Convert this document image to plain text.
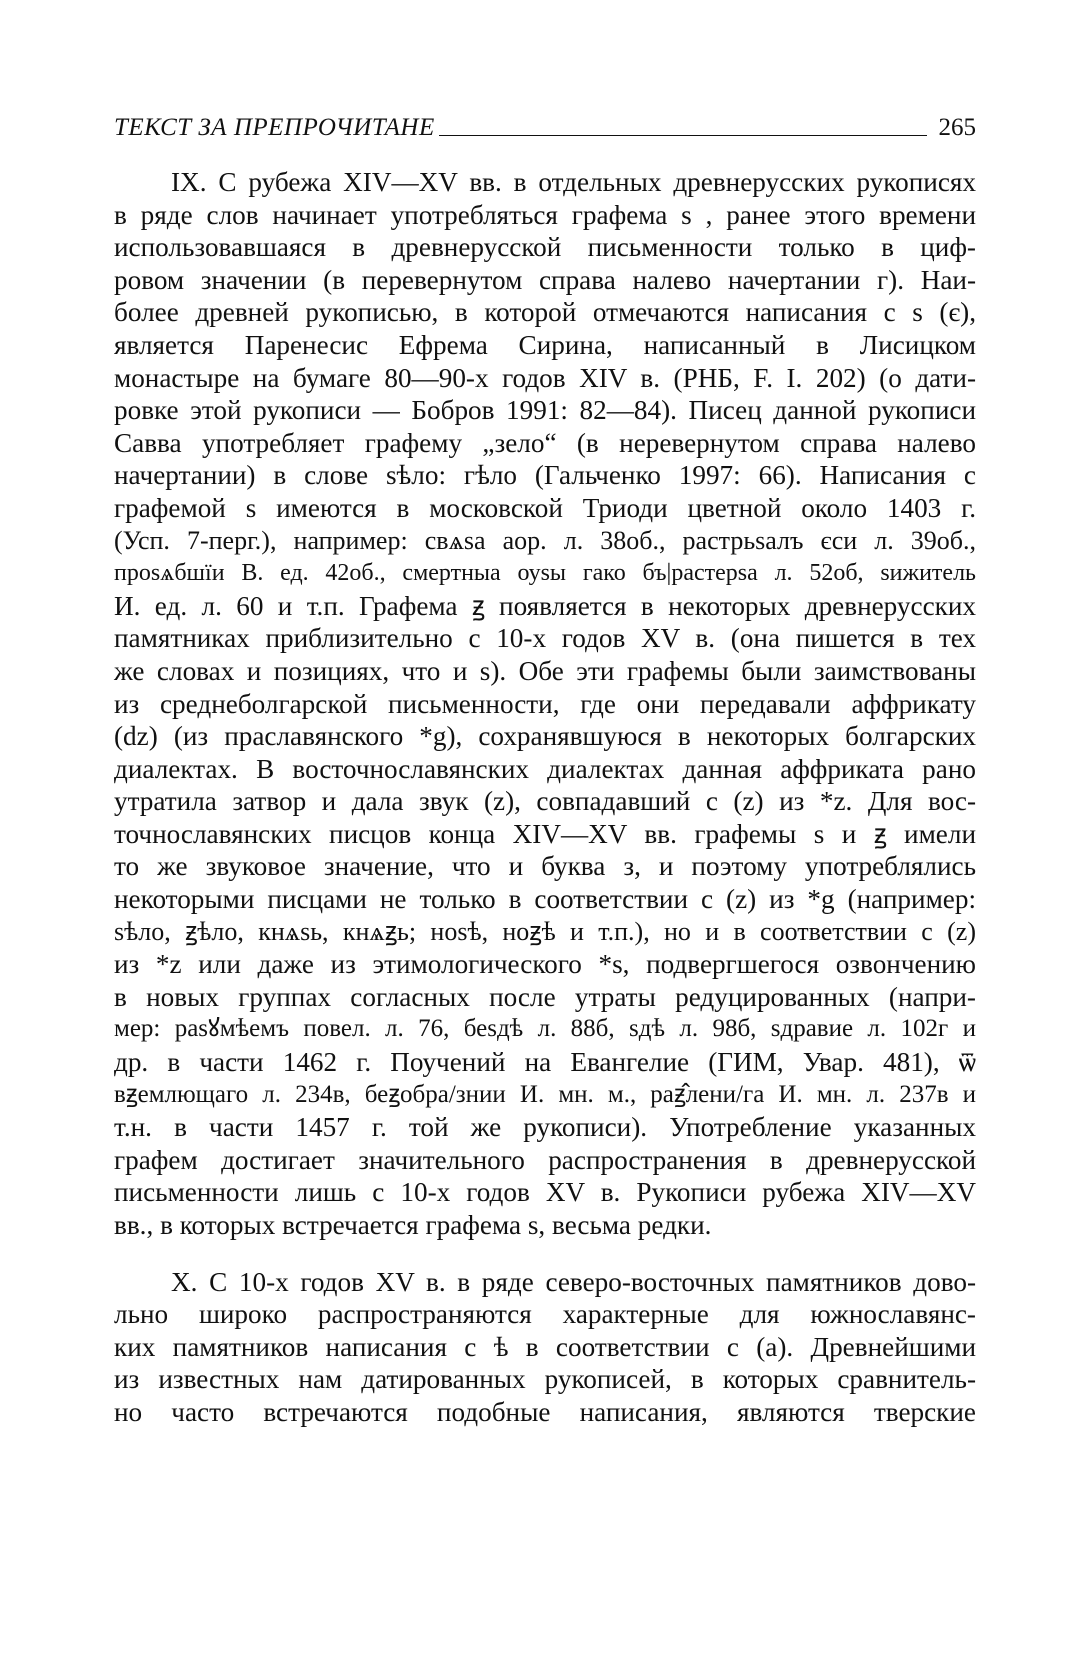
ТЕКСТ ЗА ПРЕПРОЧИТАНЕ	265
IX. С рубежа XIV—XV вв. в отдельных древнерусских рукописях
в ряде слов начинает употребляться графема ѕ , ранее этого времени
использовавшаяся в древнерусской письменности только в циф-
ровом значении (в перевернутом справа налево начертании г). Наи-
более древней рукописью, в которой отмечаются написания с ѕ (є),
является Паренесис Ефрема Сирина, написанный в Лисицком
монастыре на бумаге 80—90-х годов XIV в. (РНБ, F. I. 202) (о дати-
ровке этой рукописи — Бобров 1991: 82—84). Писец данной рукописи
Савва употребляет графему „зело“ (в неревернутом справа налево
начертании) в слове ѕѣло: гѣло (Гальченко 1997: 66). Написания с
графемой ѕ имеются в московской Триоди цветной около 1403 г.
(Усп. 7-перг.), например: свѧѕа аор. л. 38об., растрьѕалъ єси л. 39об.,
проѕѧбшїи В. ед. 42об., смертныа оуѕы гако бъ|растерѕа л. 52об, ѕижитель
И. ед. л. 60 и т.п. Графема ꙃ появляется в некоторых древнерусских
памятниках приблизительно с 10-х годов XV в. (она пишется в тех
же словах и позициях, что и ѕ). Обе эти графемы были заимствованы
из среднеболгарской письменности, где они передавали аффрикату
(dz) (из праславянского *g), сохранявшуюся в некоторых болгарских
диалектах. В восточнославянских диалектах данная аффриката рано
утратила затвор и дала звук (z), совпадавший с (z) из *z. Для вос-
точнославянских писцов конца XIV—XV вв. графемы ѕ и ꙃ имели
то же звуковое значение, что и буква з, и поэтому употреблялись
некоторыми писцами не только в соответствии с (z) из *g (например:
ѕѣло, ꙃѣло, кнѧѕь, кнѧꙃь; ноѕѣ, ноꙃѣ и т.п.), но и в соответствии с (z)
из *z или даже из этимологического *s, подвергшегося озвончению
в новых группах согласных после утраты редуцированных (напри-
мер: раѕꙋмѣемъ повел. л. 76, беѕдѣ л. 88б, ѕдѣ л. 98б, ѕдравие л. 102г и
др. в части 1462 г. Поучений на Евангелие (ГИМ, Увар. 481), ѿ
вꙃемлющаго л. 234в, беꙃобра/знии И. мн. м., раꙃ̂лени/га И. мн. л. 237в и
т.н. в части 1457 г. той же рукописи). Употребление указанных
графем достигает значительного распространения в древнерусской
письменности лишь с 10-х годов XV в. Рукописи рубежа XIV—XV
вв., в которых встречается графема ѕ, весьма редки.
X. С 10-х годов XV в. в ряде северо-восточных памятников дово-
льно широко распространяются характерные для южнославянс-
ких памятников написания с ѣ в соответствии с (а). Древнейшими
из известных нам датированных рукописей, в которых сравнитель-
но часто встречаются подобные написания, являются тверские
